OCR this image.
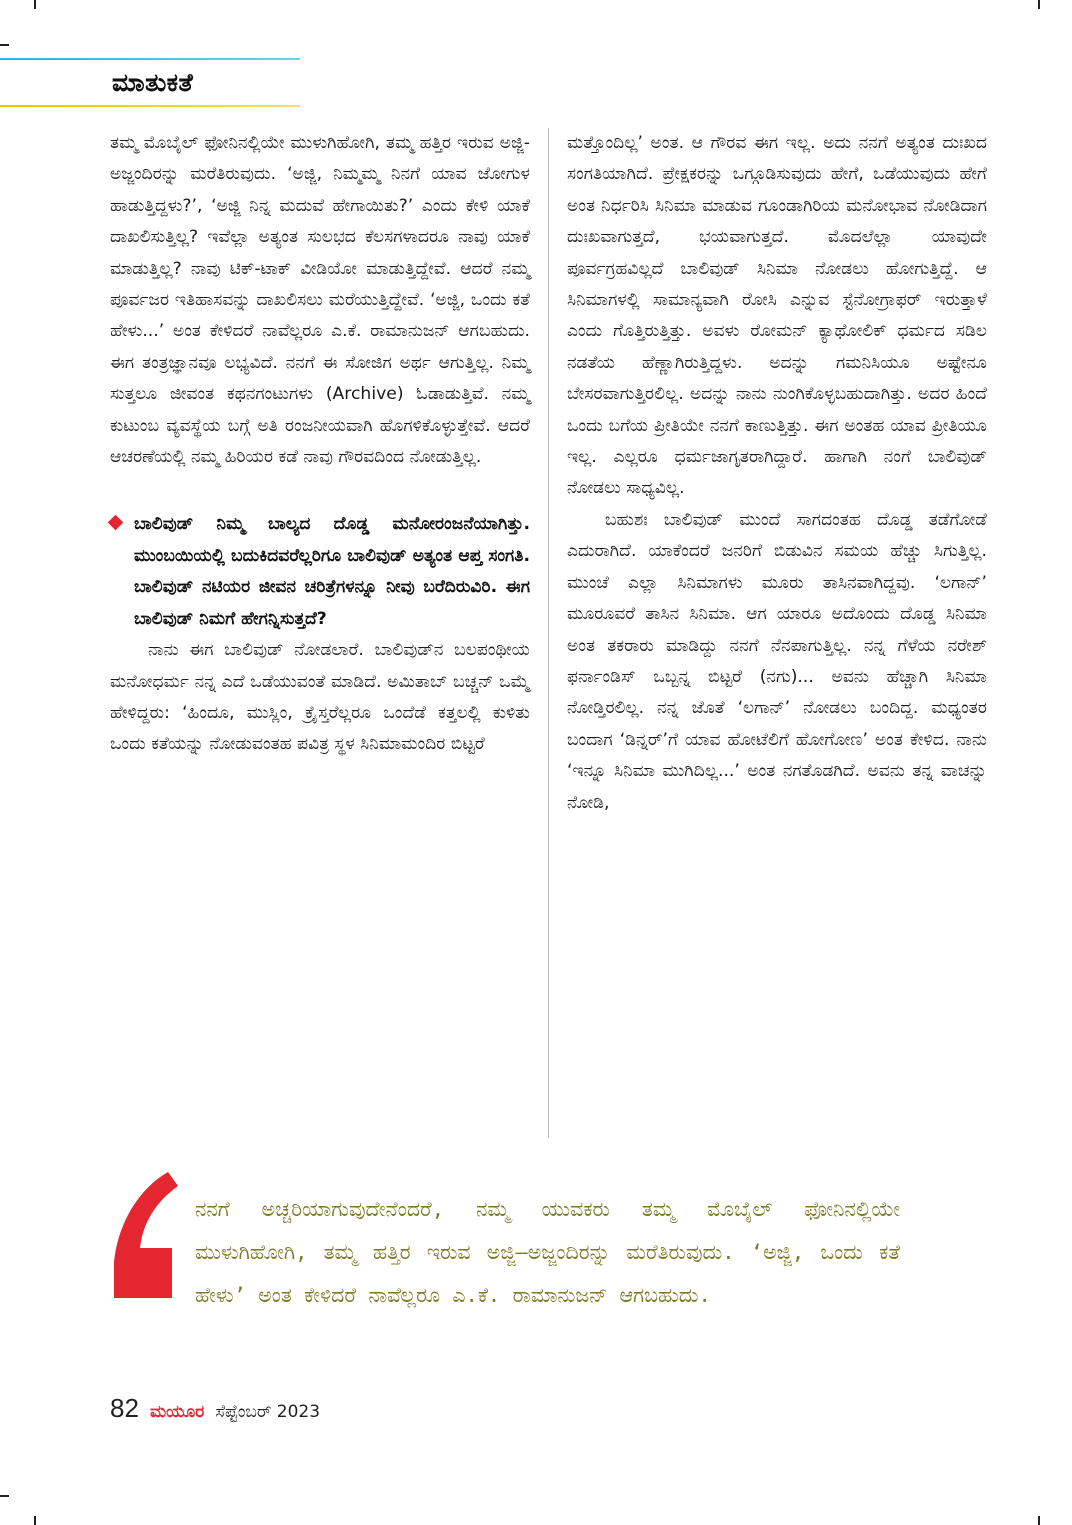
ಮಾತುಕತೆ

ತಮ್ಮ ಮೊಬೈಲ್ ಫೋನಿನಲ್ಲಿಯೇ ಮುಳುಗಿಹೋಗಿ, ತಮ್ಮ ಹತ್ತಿರ ಇರುವ ಅಜ್ಜಿ-ಅಜ್ಜಂದಿರನ್ನು ಮರೆತಿರುವುದು. ‘ಅಜ್ಜಿ, ನಿಮ್ಮಮ್ಮ ನಿನಗೆ ಯಾವ ಜೋಗುಳ ಹಾಡುತ್ತಿದ್ದಳು?’, ‘ಅಜ್ಜಿ ನಿನ್ನ ಮದುವೆ ಹೇಗಾಯಿತು?’ ಎಂದು ಕೇಳಿ ಯಾಕೆ ದಾಖಲಿಸುತ್ತಿಲ್ಲ? ಇವೆಲ್ಲಾ ಅತ್ಯಂತ ಸುಲಭದ ಕೆಲಸಗಳಾದರೂ ನಾವು ಯಾಕೆ ಮಾಡುತ್ತಿಲ್ಲ? ನಾವು ಟಿಕ್-ಟಾಕ್ ವೀಡಿಯೋ ಮಾಡುತ್ತಿದ್ದೇವೆ. ಆದರೆ ನಮ್ಮ ಪೂರ್ವಜರ ಇತಿಹಾಸವನ್ನು ದಾಖಲಿಸಲು ಮರೆಯುತ್ತಿದ್ದೇವೆ. ‘ಅಜ್ಜಿ, ಒಂದು ಕತೆ ಹೇಳು...’ ಅಂತ ಕೇಳಿದರೆ ನಾವೆಲ್ಲರೂ ಎ.ಕೆ. ರಾಮಾನುಜನ್ ಆಗಬಹುದು. ಈಗ ತಂತ್ರಜ್ಞಾನವೂ ಲಭ್ಯವಿದೆ. ನನಗೆ ಈ ಸೋಜಿಗ ಅರ್ಥ ಆಗುತ್ತಿಲ್ಲ. ನಿಮ್ಮ ಸುತ್ತಲೂ ಜೀವಂತ ಕಥನಗಂಟುಗಳು (Archive) ಓಡಾಡುತ್ತಿವೆ. ನಮ್ಮ ಕುಟುಂಬ ವ್ಯವಸ್ಥೆಯ ಬಗ್ಗೆ ಅತಿ ರಂಜನೀಯವಾಗಿ ಹೊಗಳಿಕೊಳ್ಳುತ್ತೇವೆ. ಆದರೆ ಆಚರಣೆಯಲ್ಲಿ ನಮ್ಮ ಹಿರಿಯರ ಕಡೆ ನಾವು ಗೌರವದಿಂದ ನೋಡುತ್ತಿಲ್ಲ.

ಬಾಲಿವುಡ್ ನಿಮ್ಮ ಬಾಲ್ಯದ ದೊಡ್ಡ ಮನೋರಂಜನೆಯಾಗಿತ್ತು. ಮುಂಬಯಿಯಲ್ಲಿ ಬದುಕಿದವರೆಲ್ಲರಿಗೂ ಬಾಲಿವುಡ್ ಅತ್ಯಂತ ಆಪ್ತ ಸಂಗತಿ. ಬಾಲಿವುಡ್ ನಟಿಯರ ಜೀವನ ಚರಿತ್ರೆಗಳನ್ನೂ ನೀವು ಬರೆದಿರುವಿರಿ. ಈಗ ಬಾಲಿವುಡ್ ನಿಮಗೆ ಹೇಗನ್ನಿಸುತ್ತದೆ?

ನಾನು ಈಗ ಬಾಲಿವುಡ್ ನೋಡಲಾರೆ. ಬಾಲಿವುಡ್‌ನ ಬಲಪಂಥೀಯ ಮನೋಧರ್ಮ ನನ್ನ ಎದೆ ಒಡೆಯುವಂತೆ ಮಾಡಿದೆ. ಅಮಿತಾಬ್ ಬಚ್ಚನ್ ಒಮ್ಮೆ ಹೇಳಿದ್ದರು: ‘ಹಿಂದೂ, ಮುಸ್ಲಿಂ, ಕ್ರೈಸ್ತರೆಲ್ಲರೂ ಒಂದೆಡೆ ಕತ್ತಲಲ್ಲಿ ಕುಳಿತು ಒಂದು ಕತೆಯನ್ನು ನೋಡುವಂತಹ ಪವಿತ್ರ ಸ್ಥಳ ಸಿನಿಮಾಮಂದಿರ ಬಿಟ್ಟರೆ

ಮತ್ತೊಂದಿಲ್ಲ’ ಅಂತ. ಆ ಗೌರವ ಈಗ ಇಲ್ಲ. ಅದು ನನಗೆ ಅತ್ಯಂತ ದುಃಖದ ಸಂಗತಿಯಾಗಿದೆ. ಪ್ರೇಕ್ಷಕರನ್ನು ಒಗ್ಗೂಡಿಸುವುದು ಹೇಗೆ, ಒಡೆಯುವುದು ಹೇಗೆ ಅಂತ ನಿರ್ಧರಿಸಿ ಸಿನಿಮಾ ಮಾಡುವ ಗೂಂಡಾಗಿರಿಯ ಮನೋಭಾವ ನೋಡಿದಾಗ ದುಃಖವಾಗುತ್ತದೆ, ಭಯವಾಗುತ್ತದೆ. ಮೊದಲೆಲ್ಲಾ ಯಾವುದೇ ಪೂರ್ವಗ್ರಹವಿಲ್ಲದೆ ಬಾಲಿವುಡ್ ಸಿನಿಮಾ ನೋಡಲು ಹೋಗುತ್ತಿದ್ದೆ. ಆ ಸಿನಿಮಾಗಳಲ್ಲಿ ಸಾಮಾನ್ಯವಾಗಿ ರೋಸಿ ಎನ್ನುವ ಸ್ಟೆನೋಗ್ರಾಫರ್ ಇರುತ್ತಾಳೆ ಎಂದು ಗೊತ್ತಿರುತ್ತಿತ್ತು. ಅವಳು ರೋಮನ್ ಕ್ಯಾಥೋಲಿಕ್ ಧರ್ಮದ ಸಡಿಲ ನಡತೆಯ ಹೆಣ್ಣಾಗಿರುತ್ತಿದ್ದಳು. ಅದನ್ನು ಗಮನಿಸಿಯೂ ಅಷ್ಟೇನೂ ಬೇಸರವಾಗುತ್ತಿರಲಿಲ್ಲ. ಅದನ್ನು ನಾನು ನುಂಗಿಕೊಳ್ಳಬಹುದಾಗಿತ್ತು. ಅದರ ಹಿಂದೆ ಒಂದು ಬಗೆಯ ಪ್ರೀತಿಯೇ ನನಗೆ ಕಾಣುತ್ತಿತ್ತು. ಈಗ ಅಂತಹ ಯಾವ ಪ್ರೀತಿಯೂ ಇಲ್ಲ. ಎಲ್ಲರೂ ಧರ್ಮಜಾಗೃತರಾಗಿದ್ದಾರೆ. ಹಾಗಾಗಿ ನಂಗೆ ಬಾಲಿವುಡ್ ನೋಡಲು ಸಾಧ್ಯವಿಲ್ಲ.

ಬಹುಶಃ ಬಾಲಿವುಡ್ ಮುಂದೆ ಸಾಗದಂತಹ ದೊಡ್ಡ ತಡೆಗೋಡೆ ಎದುರಾಗಿದೆ. ಯಾಕೆಂದರೆ ಜನರಿಗೆ ಬಿಡುವಿನ ಸಮಯ ಹೆಚ್ಚು ಸಿಗುತ್ತಿಲ್ಲ. ಮುಂಚೆ ಎಲ್ಲಾ ಸಿನಿಮಾಗಳು ಮೂರು ತಾಸಿನವಾಗಿದ್ದವು. ‘ಲಗಾನ್’ ಮೂರೂವರೆ ತಾಸಿನ ಸಿನಿಮಾ. ಆಗ ಯಾರೂ ಅದೊಂದು ದೊಡ್ಡ ಸಿನಿಮಾ ಅಂತ ತಕರಾರು ಮಾಡಿದ್ದು ನನಗೆ ನೆನಪಾಗುತ್ತಿಲ್ಲ. ನನ್ನ ಗೆಳೆಯ ನರೇಶ್ ಫರ್ನಾಂಡಿಸ್ ಒಬ್ಬನ್ನ ಬಿಟ್ಟರೆ (ನಗು)... ಅವನು ಹೆಚ್ಚಾಗಿ ಸಿನಿಮಾ ನೋಡ್ತಿರಲಿಲ್ಲ. ನನ್ನ ಜೊತೆ ‘ಲಗಾನ್’ ನೋಡಲು ಬಂದಿದ್ದ. ಮಧ್ಯಂತರ ಬಂದಾಗ ‘ಡಿನ್ನರ್’ಗೆ ಯಾವ ಹೋಟೆಲಿಗೆ ಹೋಗೋಣ’ ಅಂತ ಕೇಳಿದ. ನಾನು ‘ಇನ್ನೂ ಸಿನಿಮಾ ಮುಗಿದಿಲ್ಲ...’ ಅಂತ ನಗತೊಡಗಿದೆ. ಅವನು ತನ್ನ ವಾಚನ್ನು ನೋಡಿ,

ನನಗೆ ಅಚ್ಚರಿಯಾಗುವುದೇನೆಂದರೆ, ನಮ್ಮ ಯುವಕರು ತಮ್ಮ ಮೊಬೈಲ್ ಫೋನಿನಲ್ಲಿಯೇ ಮುಳುಗಿಹೋಗಿ, ತಮ್ಮ ಹತ್ತಿರ ಇರುವ ಅಜ್ಜಿ–ಅಜ್ಜಂದಿರನ್ನು ಮರೆತಿರುವುದು. ‘ಅಜ್ಜಿ, ಒಂದು ಕತೆ ಹೇಳು’ ಅಂತ ಕೇಳಿದರೆ ನಾವೆಲ್ಲರೂ ಎ.ಕೆ. ರಾಮಾನುಜನ್ ಆಗಬಹುದು.
82 ಮಯೂರ ಸೆಪ್ಟೆಂಬರ್ 2023
